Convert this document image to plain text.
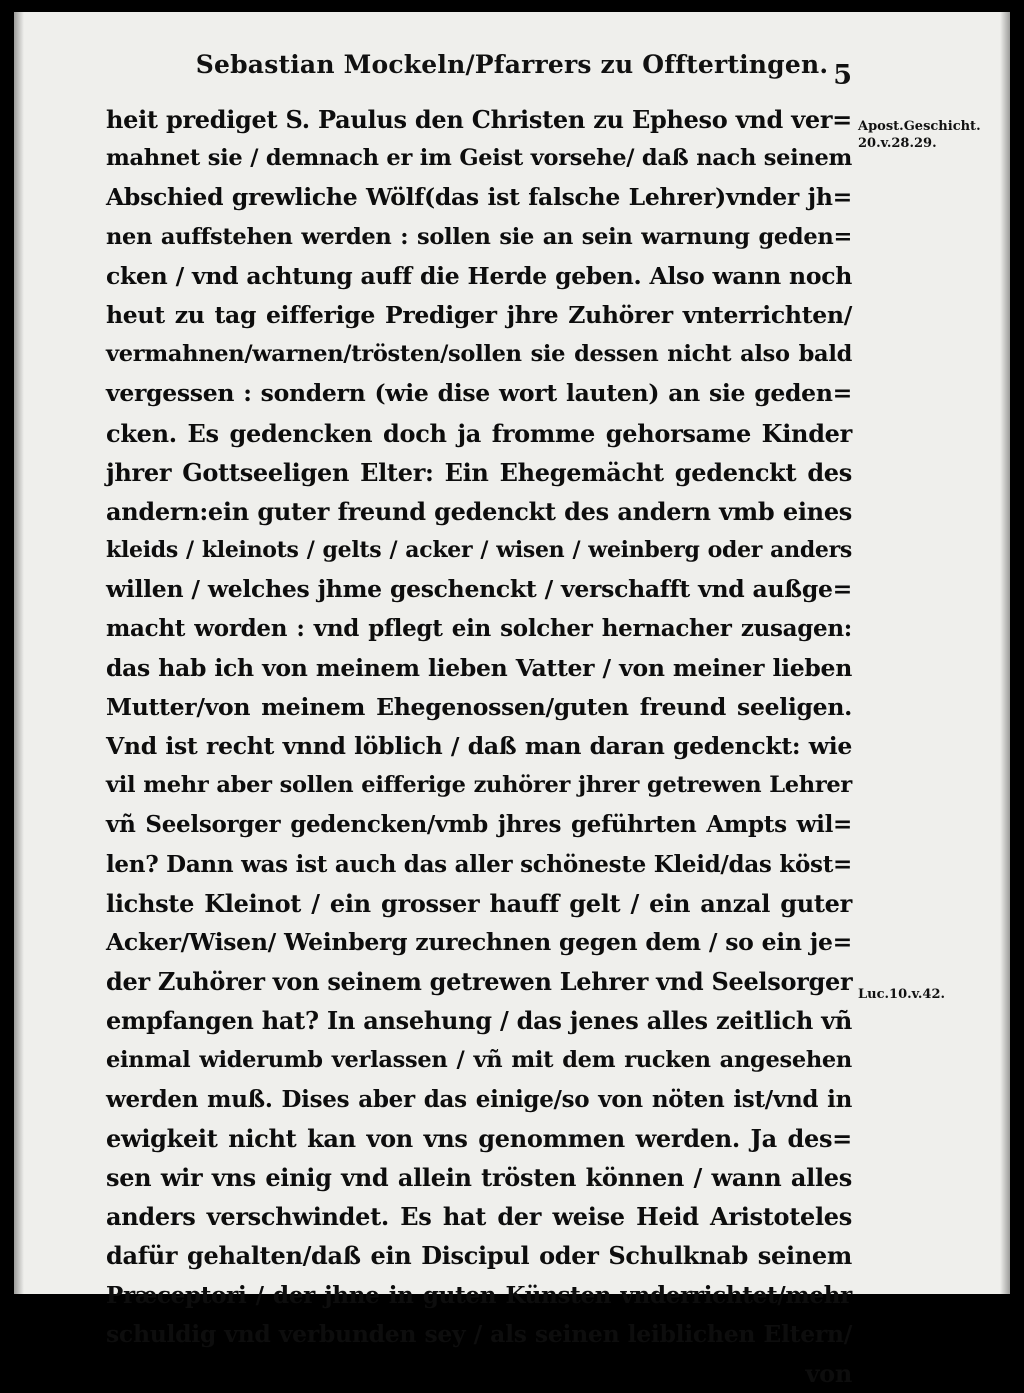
Sebastian Mockeln/Pfarrers zu Offtertingen. 5
Apost.Geschicht.
20.v.28.29.
Luc.10.v.42.
heit prediget S. Paulus den Christen zu Epheso vnd ver=
mahnet sie / demnach er im Geist vorsehe/ daß nach seinem
Abschied grewliche Wölf(das ist falsche Lehrer)vnder jh=
nen auffstehen werden : sollen sie an sein warnung geden=
cken / vnd achtung auff die Herde geben. Also wann noch
heut zu tag eifferige Prediger jhre Zuhörer vnterrichten/
vermahnen/warnen/trösten/sollen sie dessen nicht also bald
vergessen : sondern (wie dise wort lauten) an sie geden=
cken. Es gedencken doch ja fromme gehorsame Kinder
jhrer Gottseeligen Elter: Ein Ehegemächt gedenckt des
andern:ein guter freund gedenckt des andern vmb eines
kleids / kleinots / gelts / acker / wisen / weinberg oder anders
willen / welches jhme geschenckt / verschafft vnd außge=
macht worden : vnd pflegt ein solcher hernacher zusagen:
das hab ich von meinem lieben Vatter / von meiner lieben
Mutter/von meinem Ehegenossen/guten freund seeligen.
Vnd ist recht vnnd löblich / daß man daran gedenckt: wie
vil mehr aber sollen eifferige zuhörer jhrer getrewen Lehrer
vñ Seelsorger gedencken/vmb jhres geführten Ampts wil=
len? Dann was ist auch das aller schöneste Kleid/das köst=
lichste Kleinot / ein grosser hauff gelt / ein anzal guter
Acker/Wisen/ Weinberg zurechnen gegen dem / so ein je=
der Zuhörer von seinem getrewen Lehrer vnd Seelsorger
empfangen hat? In ansehung / das jenes alles zeitlich vñ
einmal widerumb verlassen / vñ mit dem rucken angesehen
werden muß. Dises aber das einige/so von nöten ist/vnd in
ewigkeit nicht kan von vns genommen werden. Ja des=
sen wir vns einig vnd allein trösten können / wann alles
anders verschwindet. Es hat der weise Heid Aristoteles
dafür gehalten/daß ein Discipul oder Schulknab seinem
Præceptori / der jhne in guten Künsten vnderrichtet/mehr
schuldig vnd verbunden sey / als seinen leiblichen Eltern/
von
